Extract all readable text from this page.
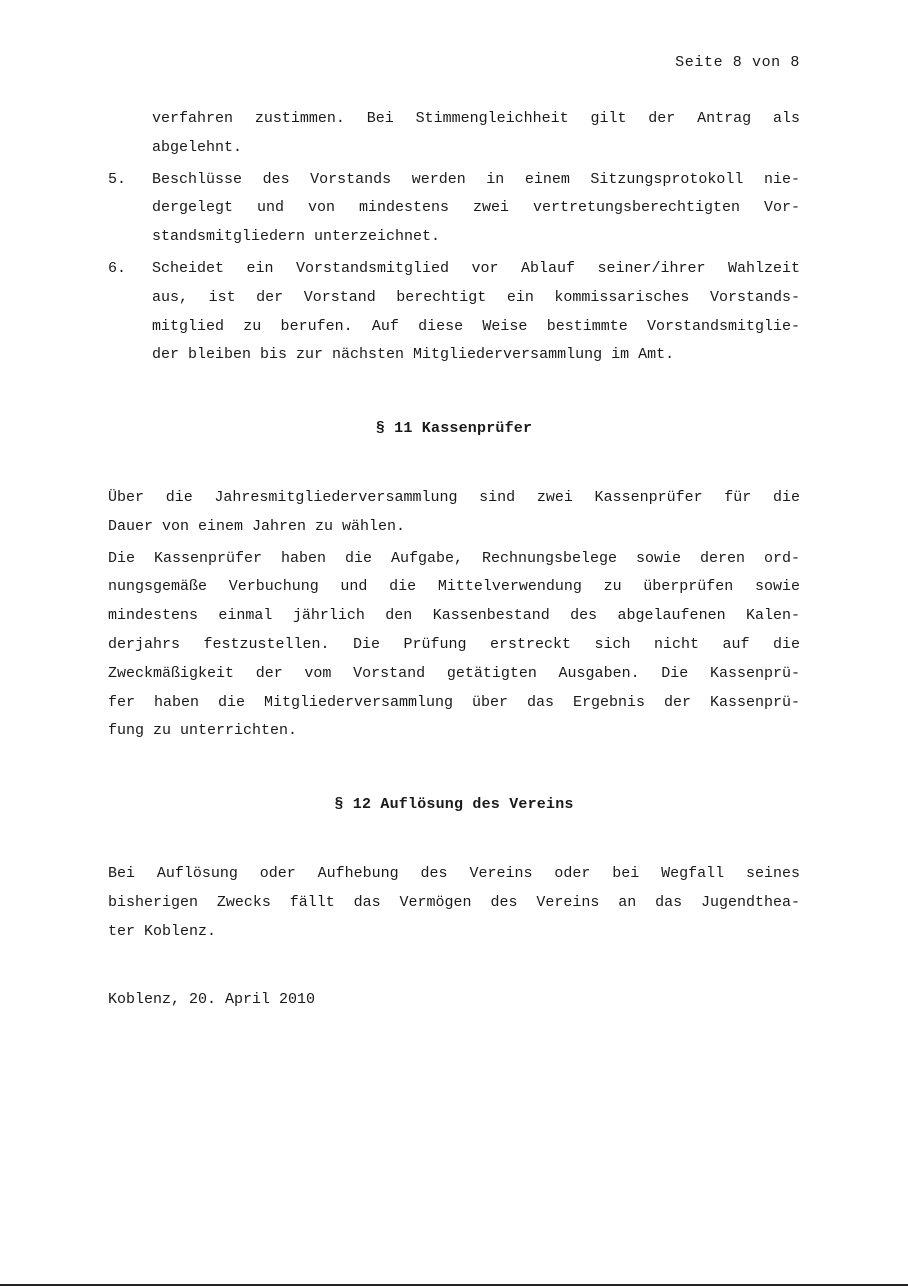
Seite 8 von 8
verfahren zustimmen. Bei Stimmengleichheit gilt der Antrag als
abgelehnt.
5. Beschlüsse des Vorstands werden in einem Sitzungsprotokoll nie-
dergelegt und von mindestens zwei vertretungsberechtigten Vor-
standsmitgliedern unterzeichnet.
6. Scheidet ein Vorstandsmitglied vor Ablauf seiner/ihrer Wahlzeit
aus, ist der Vorstand berechtigt ein kommissarisches Vorstands-
mitglied zu berufen. Auf diese Weise bestimmte Vorstandsmitglie-
der bleiben bis zur nächsten Mitgliederversammlung im Amt.
§ 11 Kassenprüfer
Über die Jahresmitgliederversammlung sind zwei Kassenprüfer für die
Dauer von einem Jahren zu wählen.
Die Kassenprüfer haben die Aufgabe, Rechnungsbelege sowie deren ord-
nungsgemäße Verbuchung und die Mittelverwendung zu überprüfen sowie
mindestens einmal jährlich den Kassenbestand des abgelaufenen Kalen-
derjahrs festzustellen. Die Prüfung erstreckt sich nicht auf die
Zweckmäßigkeit der vom Vorstand getätigten Ausgaben. Die Kassenprü-
fer haben die Mitgliederversammlung über das Ergebnis der Kassenprü-
fung zu unterrichten.
§ 12 Auflösung des Vereins
Bei Auflösung oder Aufhebung des Vereins oder bei Wegfall seines
bisherigen Zwecks fällt das Vermögen des Vereins an das Jugendthea-
ter Koblenz.
Koblenz, 20. April 2010
